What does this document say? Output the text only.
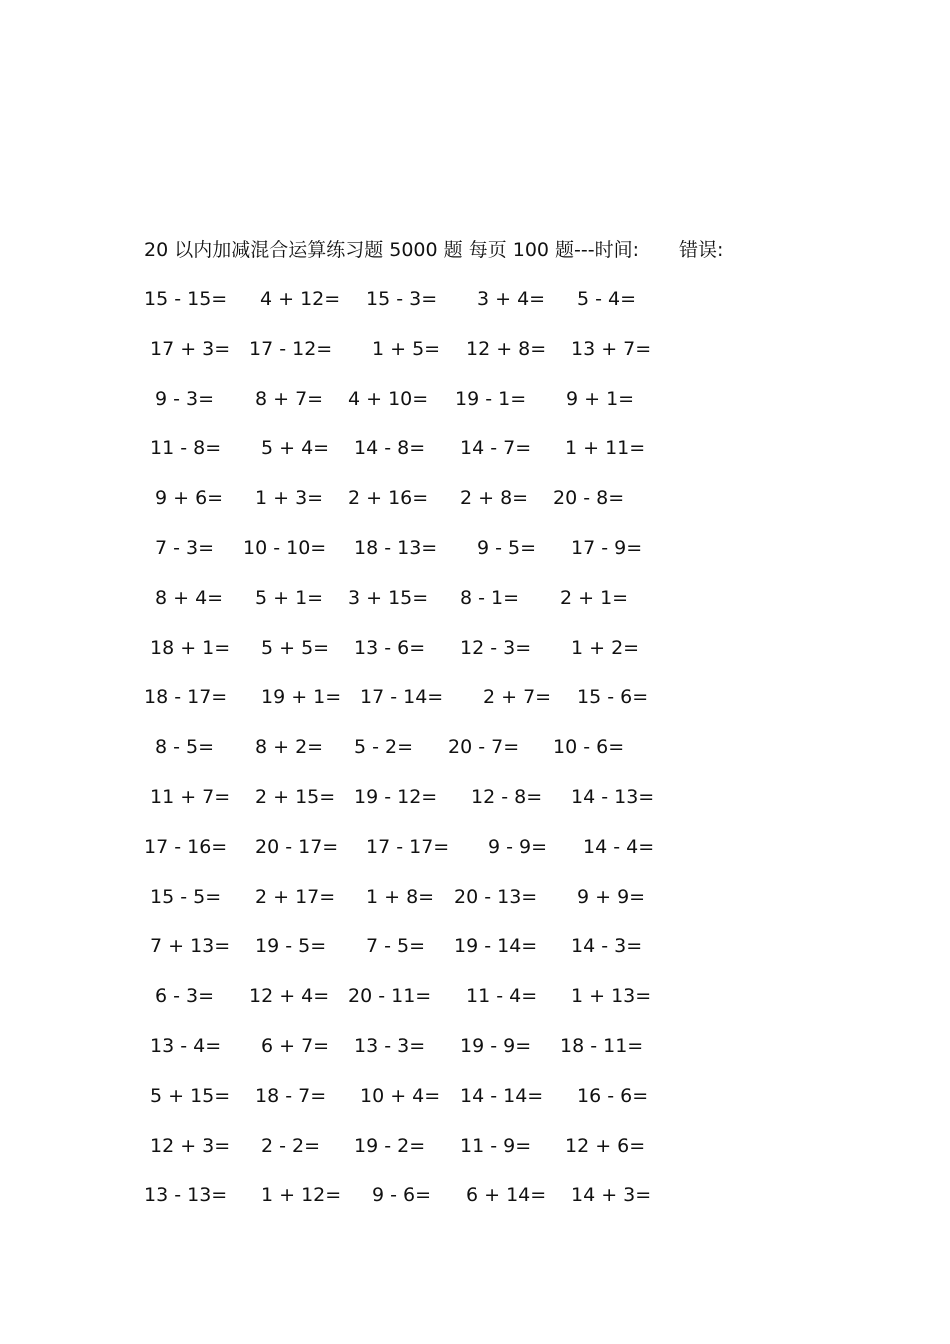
20 以内加减混合运算练习题 5000 题 每页 100 题---时间: 错误:
15 - 15= 4 + 12= 15 - 3= 3 + 4= 5 - 4=
17 + 3= 17 - 12= 1 + 5= 12 + 8= 13 + 7=
9 - 3= 8 + 7= 4 + 10= 19 - 1= 9 + 1=
11 - 8= 5 + 4= 14 - 8= 14 - 7= 1 + 11=
9 + 6= 1 + 3= 2 + 16= 2 + 8= 20 - 8=
7 - 3= 10 - 10= 18 - 13= 9 - 5= 17 - 9=
8 + 4= 5 + 1= 3 + 15= 8 - 1= 2 + 1=
18 + 1= 5 + 5= 13 - 6= 12 - 3= 1 + 2=
18 - 17= 19 + 1= 17 - 14= 2 + 7= 15 - 6=
8 - 5= 8 + 2= 5 - 2= 20 - 7= 10 - 6=
11 + 7= 2 + 15= 19 - 12= 12 - 8= 14 - 13=
17 - 16= 20 - 17= 17 - 17= 9 - 9= 14 - 4=
15 - 5= 2 + 17= 1 + 8= 20 - 13= 9 + 9=
7 + 13= 19 - 5= 7 - 5= 19 - 14= 14 - 3=
6 - 3= 12 + 4= 20 - 11= 11 - 4= 1 + 13=
13 - 4= 6 + 7= 13 - 3= 19 - 9= 18 - 11=
5 + 15= 18 - 7= 10 + 4= 14 - 14= 16 - 6=
12 + 3= 2 - 2= 19 - 2= 11 - 9= 12 + 6=
13 - 13= 1 + 12= 9 - 6= 6 + 14= 14 + 3=
